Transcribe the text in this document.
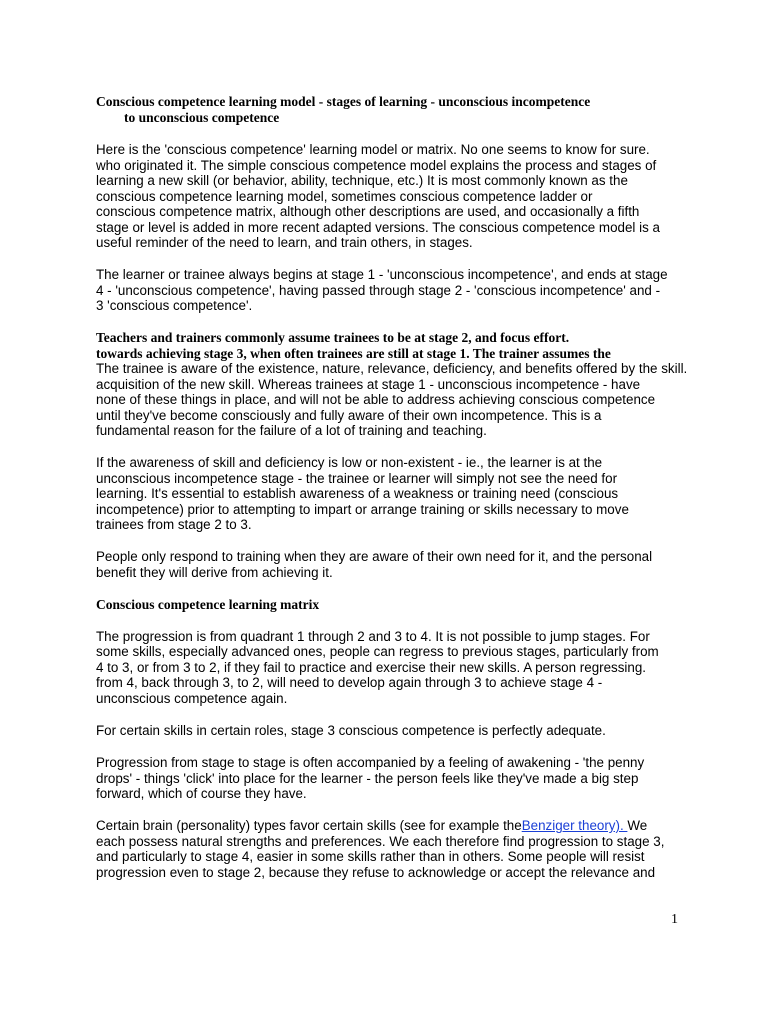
Conscious competence learning model - stages of learning - unconscious incompetence
to unconscious competence
Here is the 'conscious competence' learning model or matrix. No one seems to know for sure.
who originated it. The simple conscious competence model explains the process and stages of
learning a new skill (or behavior, ability, technique, etc.) It is most commonly known as the
conscious competence learning model, sometimes conscious competence ladder or
conscious competence matrix, although other descriptions are used, and occasionally a fifth
stage or level is added in more recent adapted versions. The conscious competence model is a
useful reminder of the need to learn, and train others, in stages.
The learner or trainee always begins at stage 1 - 'unconscious incompetence', and ends at stage
4 - 'unconscious competence', having passed through stage 2 - 'conscious incompetence' and -
3 'conscious competence'.
Teachers and trainers commonly assume trainees to be at stage 2, and focus effort.
towards achieving stage 3, when often trainees are still at stage 1. The trainer assumes the
The trainee is aware of the existence, nature, relevance, deficiency, and benefits offered by the skill.
acquisition of the new skill. Whereas trainees at stage 1 - unconscious incompetence - have
none of these things in place, and will not be able to address achieving conscious competence
until they've become consciously and fully aware of their own incompetence. This is a
fundamental reason for the failure of a lot of training and teaching.
If the awareness of skill and deficiency is low or non-existent - ie., the learner is at the
unconscious incompetence stage - the trainee or learner will simply not see the need for
learning. It's essential to establish awareness of a weakness or training need (conscious
incompetence) prior to attempting to impart or arrange training or skills necessary to move
trainees from stage 2 to 3.
People only respond to training when they are aware of their own need for it, and the personal
benefit they will derive from achieving it.
Conscious competence learning matrix
The progression is from quadrant 1 through 2 and 3 to 4. It is not possible to jump stages. For
some skills, especially advanced ones, people can regress to previous stages, particularly from
4 to 3, or from 3 to 2, if they fail to practice and exercise their new skills. A person regressing.
from 4, back through 3, to 2, will need to develop again through 3 to achieve stage 4 -
unconscious competence again.
For certain skills in certain roles, stage 3 conscious competence is perfectly adequate.
Progression from stage to stage is often accompanied by a feeling of awakening - 'the penny
drops' - things 'click' into place for the learner - the person feels like they've made a big step
forward, which of course they have.
Certain brain (personality) types favor certain skills (see for example theBenziger theory). We
each possess natural strengths and preferences. We each therefore find progression to stage 3,
and particularly to stage 4, easier in some skills rather than in others. Some people will resist
progression even to stage 2, because they refuse to acknowledge or accept the relevance and
1
